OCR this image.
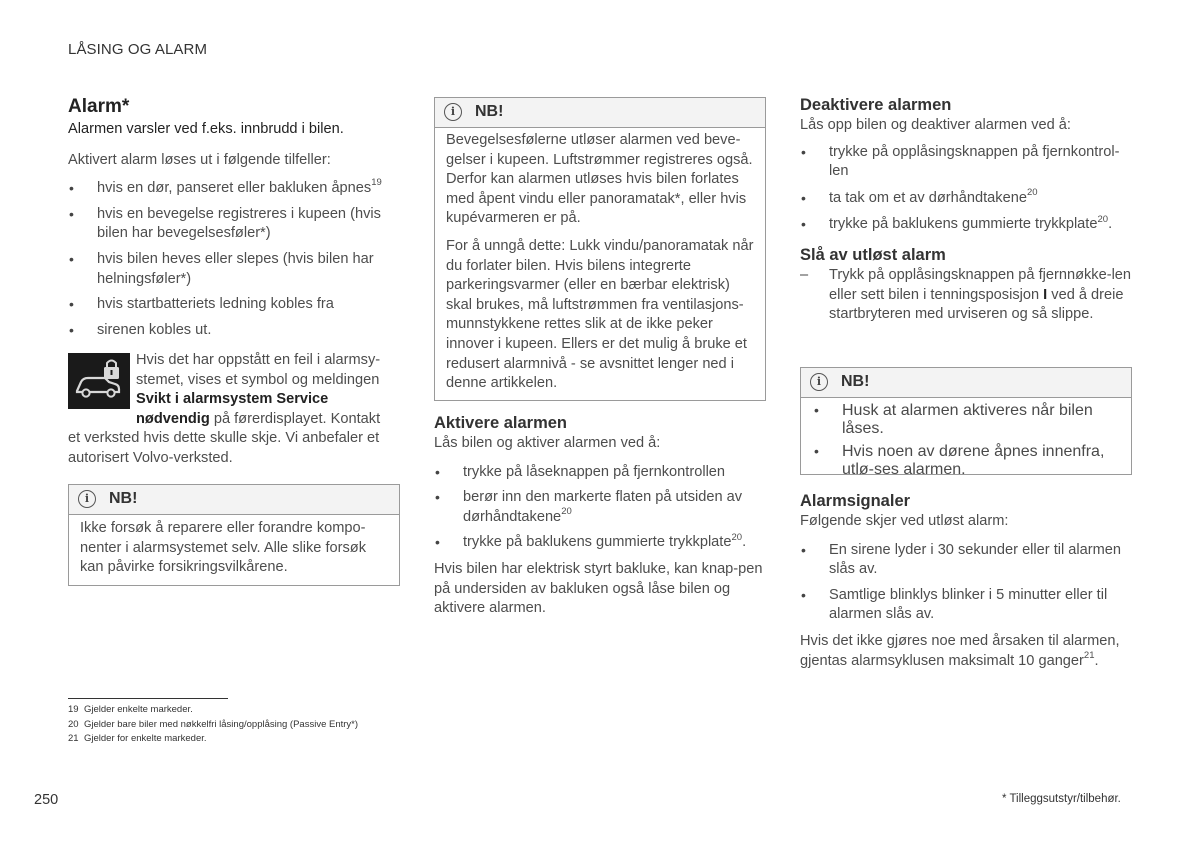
LÅSING OG ALARM

Alarm*

Alarmen varsler ved f.eks. innbrudd i bilen.

Aktivert alarm løses ut i følgende tilfeller:

• hvis en dør, panseret eller bakluken åpnes$^{19}$
• hvis en bevegelse registreres i kupeen (hvis bilen har bevegelsesføler*)
• hvis bilen heves eller slepes (hvis bilen har helningsføler*)
• hvis startbatteriets ledning kobles fra
• sirenen kobles ut.

Hvis det har oppstått en feil i alarmsy-

stemet, vises et symbol og meldingen

Svikt i alarmsystem Service

nødvendig på førerdisplayet. Kontakt

et verksted hvis dette skulle skje. Vi anbefaler et autorisert Volvo-verksted.
i	NB!
Ikke forsøk å reparere eller forandre kompo-nenter i alarmsystemet selv. Alle slike forsøk kan påvirke forsikringsvilkårene.
i	NB!

Bevegelsesfølerne utløser alarmen ved beve-gelser i kupeen. Luftstrømmer registreres også. Derfor kan alarmen utløses hvis bilen forlates med åpent vindu eller panoramatak*, eller hvis kupévarmeren er på.

For å unngå dette: Lukk vindu/panoramatak når du forlater bilen. Hvis bilens integrerte parkeringsvarmer (eller en bærbar elektrisk) skal brukes, må luftstrømmen fra ventilasjons-munnstykkene rettes slik at de ikke peker innover i kupeen. Ellers er det mulig å bruke et redusert alarmnivå - se avsnittet lenger ned i denne artikkelen.

Aktivere alarmen

Lås bilen og aktiver alarmen ved å:

• trykke på låseknappen på fjernkontrollen
• berør inn den markerte flaten på utsiden av dørhåndtakene$^{20}$
• trykke på baklukens gummierte trykkplate$^{20}$.

Hvis bilen har elektrisk styrt bakluke, kan knap-pen på undersiden av bakluken også låse bilen og aktivere alarmen.

Deaktivere alarmen

Lås opp bilen og deaktiver alarmen ved å:

• trykke på opplåsingsknappen på fjernkontrol-len
• ta tak om et av dørhåndtakene$^{20}$
• trykke på baklukens gummierte trykkplate$^{20}$.

Slå av utløst alarm

– Trykk på opplåsingsknappen på fjernnøkke-len eller sett bilen i tenningsposisjon I ved å dreie startbryteren med urviseren og så slippe.
i	NB!
• Husk at alarmen aktiveres når bilen låses.
• Hvis noen av dørene åpnes innenfra, utlø-ses alarmen.

Alarmsignaler

Følgende skjer ved utløst alarm:

• En sirene lyder i 30 sekunder eller til alarmen slås av.
• Samtlige blinklys blinker i 5 minutter eller til alarmen slås av.

Hvis det ikke gjøres noe med årsaken til alarmen, gjentas alarmsyklusen maksimalt 10 ganger$^{21}$.

19 Gjelder enkelte markeder.
20 Gjelder bare biler med nøkkelfri låsing/opplåsing (Passive Entry*)
21 Gjelder for enkelte markeder.
250	* Tilleggsutstyr/tilbehør.
